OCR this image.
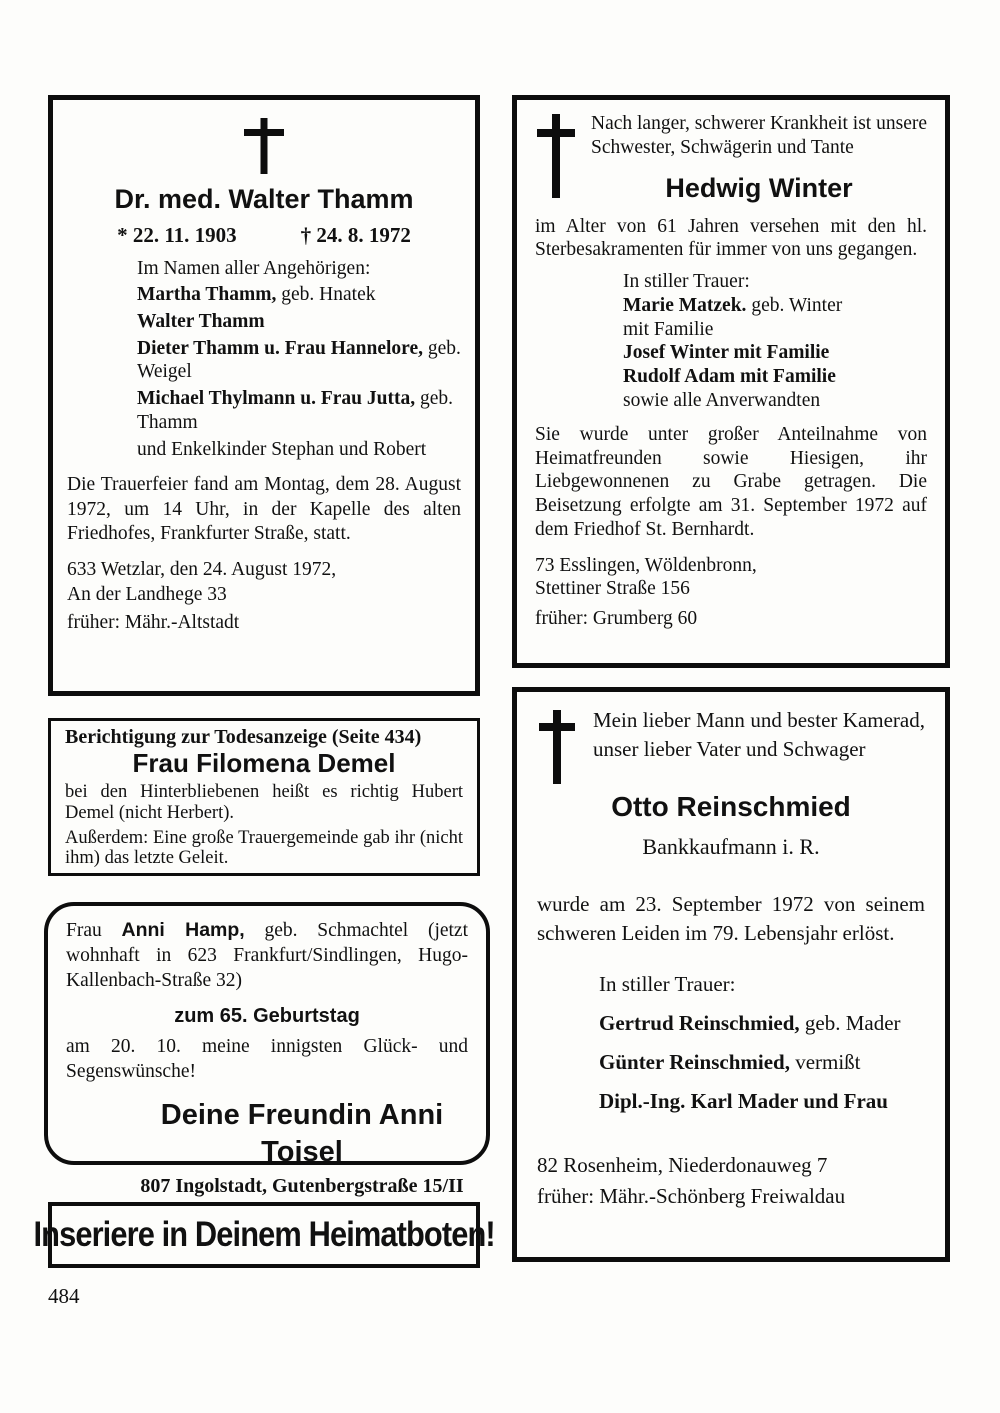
Dr. med. Walter Thamm
* 22. 11. 1903	† 24. 8. 1972
Im Namen aller Angehörigen:
Martha Thamm, geb. Hnatek
Walter Thamm
Dieter Thamm u. Frau Hannelore, geb. Weigel
Michael Thylmann u. Frau Jutta, geb. Thamm
und Enkelkinder Stephan und Robert
Die Trauerfeier fand am Montag, dem 28. August 1972, um 14 Uhr, in der Kapelle des alten Friedhofes, Frankfurter Straße, statt.
633 Wetzlar, den 24. August 1972,
An der Landhege 33
früher: Mähr.-Altstadt
Nach langer, schwerer Krankheit ist unsere Schwester, Schwägerin und Tante
Hedwig Winter
im Alter von 61 Jahren versehen mit den hl. Sterbesakramenten für immer von uns gegangen.
In stiller Trauer:
Marie Matzek. geb. Winter
mit Familie
Josef Winter mit Familie
Rudolf Adam mit Familie
sowie alle Anverwandten
Sie wurde unter großer Anteilnahme von Heimatfreunden sowie Hiesigen, ihr Liebgewonnenen zu Grabe getragen. Die Beisetzung erfolgte am 31. September 1972 auf dem Friedhof St. Bernhardt.
73 Esslingen, Wöldenbronn,
Stettiner Straße 156
früher: Grumberg 60
Berichtigung zur Todesanzeige (Seite 434)
Frau Filomena Demel
bei den Hinterbliebenen heißt es richtig Hubert Demel (nicht Herbert).
Außerdem: Eine große Trauergemeinde gab ihr (nicht ihm) das letzte Geleit.
Frau Anni Hamp, geb. Schmachtel (jetzt wohnhaft in 623 Frankfurt/Sindlingen, Hugo-Kallenbach-Straße 32)
zum 65. Geburtstag
am 20. 10. meine innigsten Glück- und Segenswünsche!
Deine Freundin Anni Toisel
807 Ingolstadt, Gutenbergstraße 15/II
Inseriere in Deinem Heimatboten!
Mein lieber Mann und bester Kamerad, unser lieber Vater und Schwager
Otto Reinschmied
Bankkaufmann i. R.
wurde am 23. September 1972 von seinem schweren Leiden im 79. Lebensjahr erlöst.
In stiller Trauer:
Gertrud Reinschmied, geb. Mader
Günter Reinschmied, vermißt
Dipl.-Ing. Karl Mader und Frau
82 Rosenheim, Niederdonauweg 7
früher: Mähr.-Schönberg Freiwaldau
484
